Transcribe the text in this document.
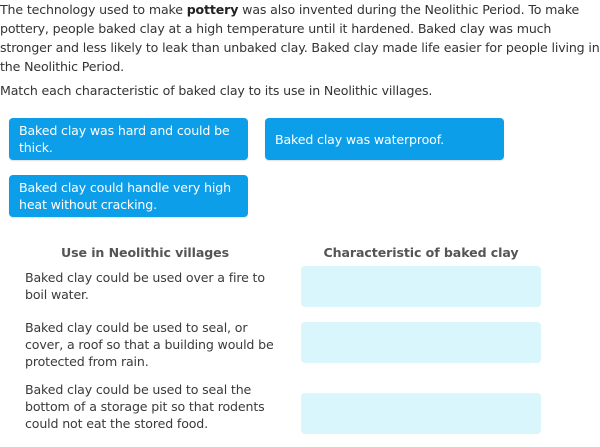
The technology used to make pottery was also invented during the Neolithic Period. To make pottery, people baked clay at a high temperature until it hardened. Baked clay was much stronger and less likely to leak than unbaked clay. Baked clay made life easier for people living in the Neolithic Period.

Match each characteristic of baked clay to its use in Neolithic villages.

Baked clay was hard and could be thick.
Baked clay was waterproof.
Baked clay could handle very high heat without cracking.
Use in Neolithic villages	Characteristic of baked clay
Baked clay could be used over a fire to boil water.
Baked clay could be used to seal, or cover, a roof so that a building would be protected from rain.
Baked clay could be used to seal the bottom of a storage pit so that rodents could not eat the stored food.
